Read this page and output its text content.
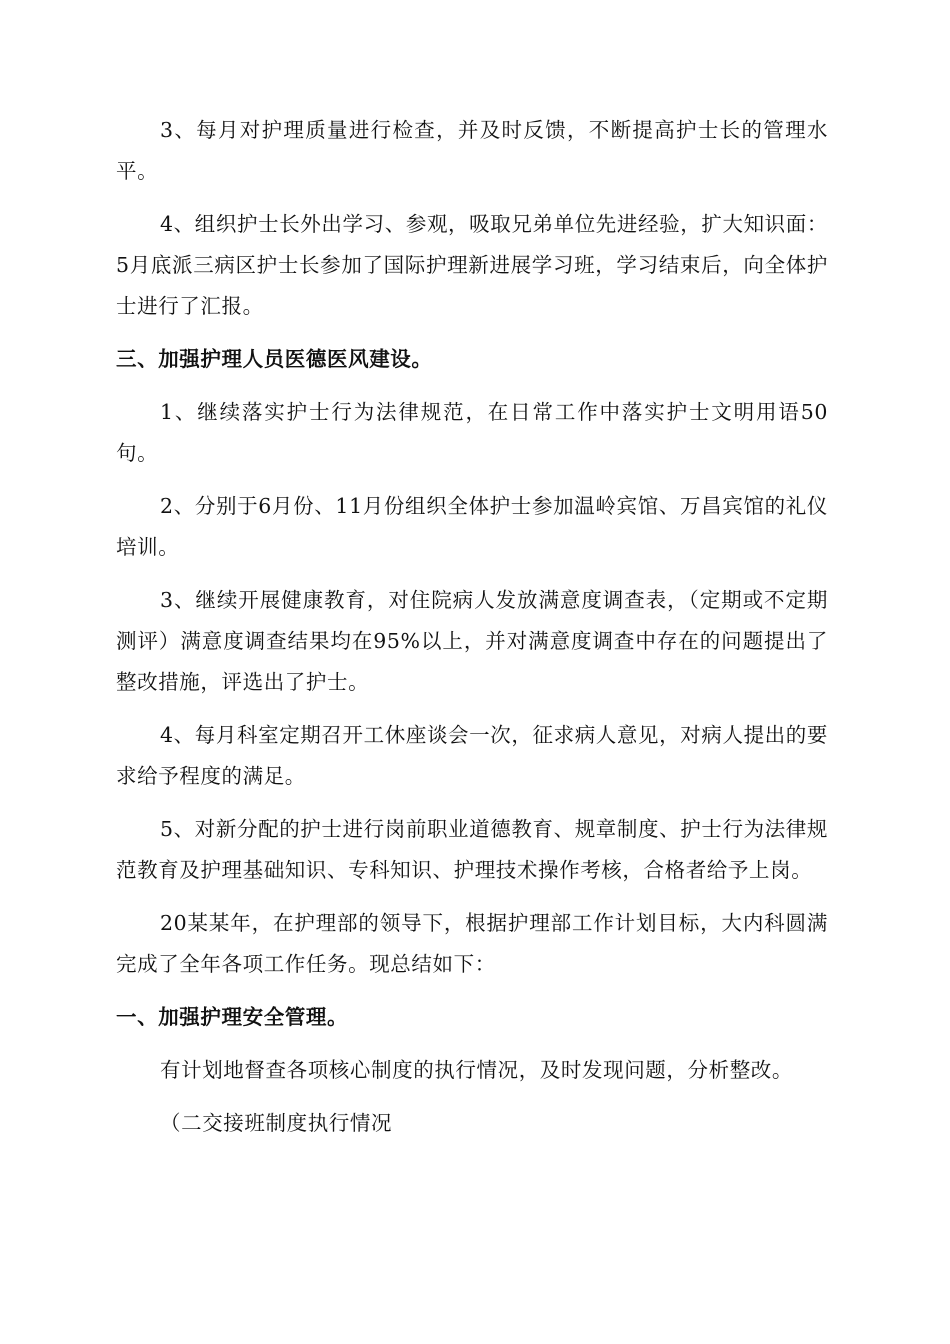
3、每月对护理质量进行检查，并及时反馈，不断提高护士长的管理水平。

4、组织护士长外出学习、参观，吸取兄弟单位先进经验，扩大知识面：5月底派三病区护士长参加了国际护理新进展学习班，学习结束后，向全体护士进行了汇报。

三、加强护理人员医德医风建设。

1、继续落实护士行为法律规范，在日常工作中落实护士文明用语50句。

2、分别于6月份、11月份组织全体护士参加温岭宾馆、万昌宾馆的礼仪培训。

3、继续开展健康教育，对住院病人发放满意度调查表，（定期或不定期测评）满意度调查结果均在95%以上，并对满意度调查中存在的问题提出了整改措施，评选出了护士。

4、每月科室定期召开工休座谈会一次，征求病人意见，对病人提出的要求给予程度的满足。

5、对新分配的护士进行岗前职业道德教育、规章制度、护士行为法律规范教育及护理基础知识、专科知识、护理技术操作考核，合格者给予上岗。

20某某年，在护理部的领导下，根据护理部工作计划目标，大内科圆满完成了全年各项工作任务。现总结如下：

一、加强护理安全管理。

有计划地督查各项核心制度的执行情况，及时发现问题，分析整改。

（二交接班制度执行情况
